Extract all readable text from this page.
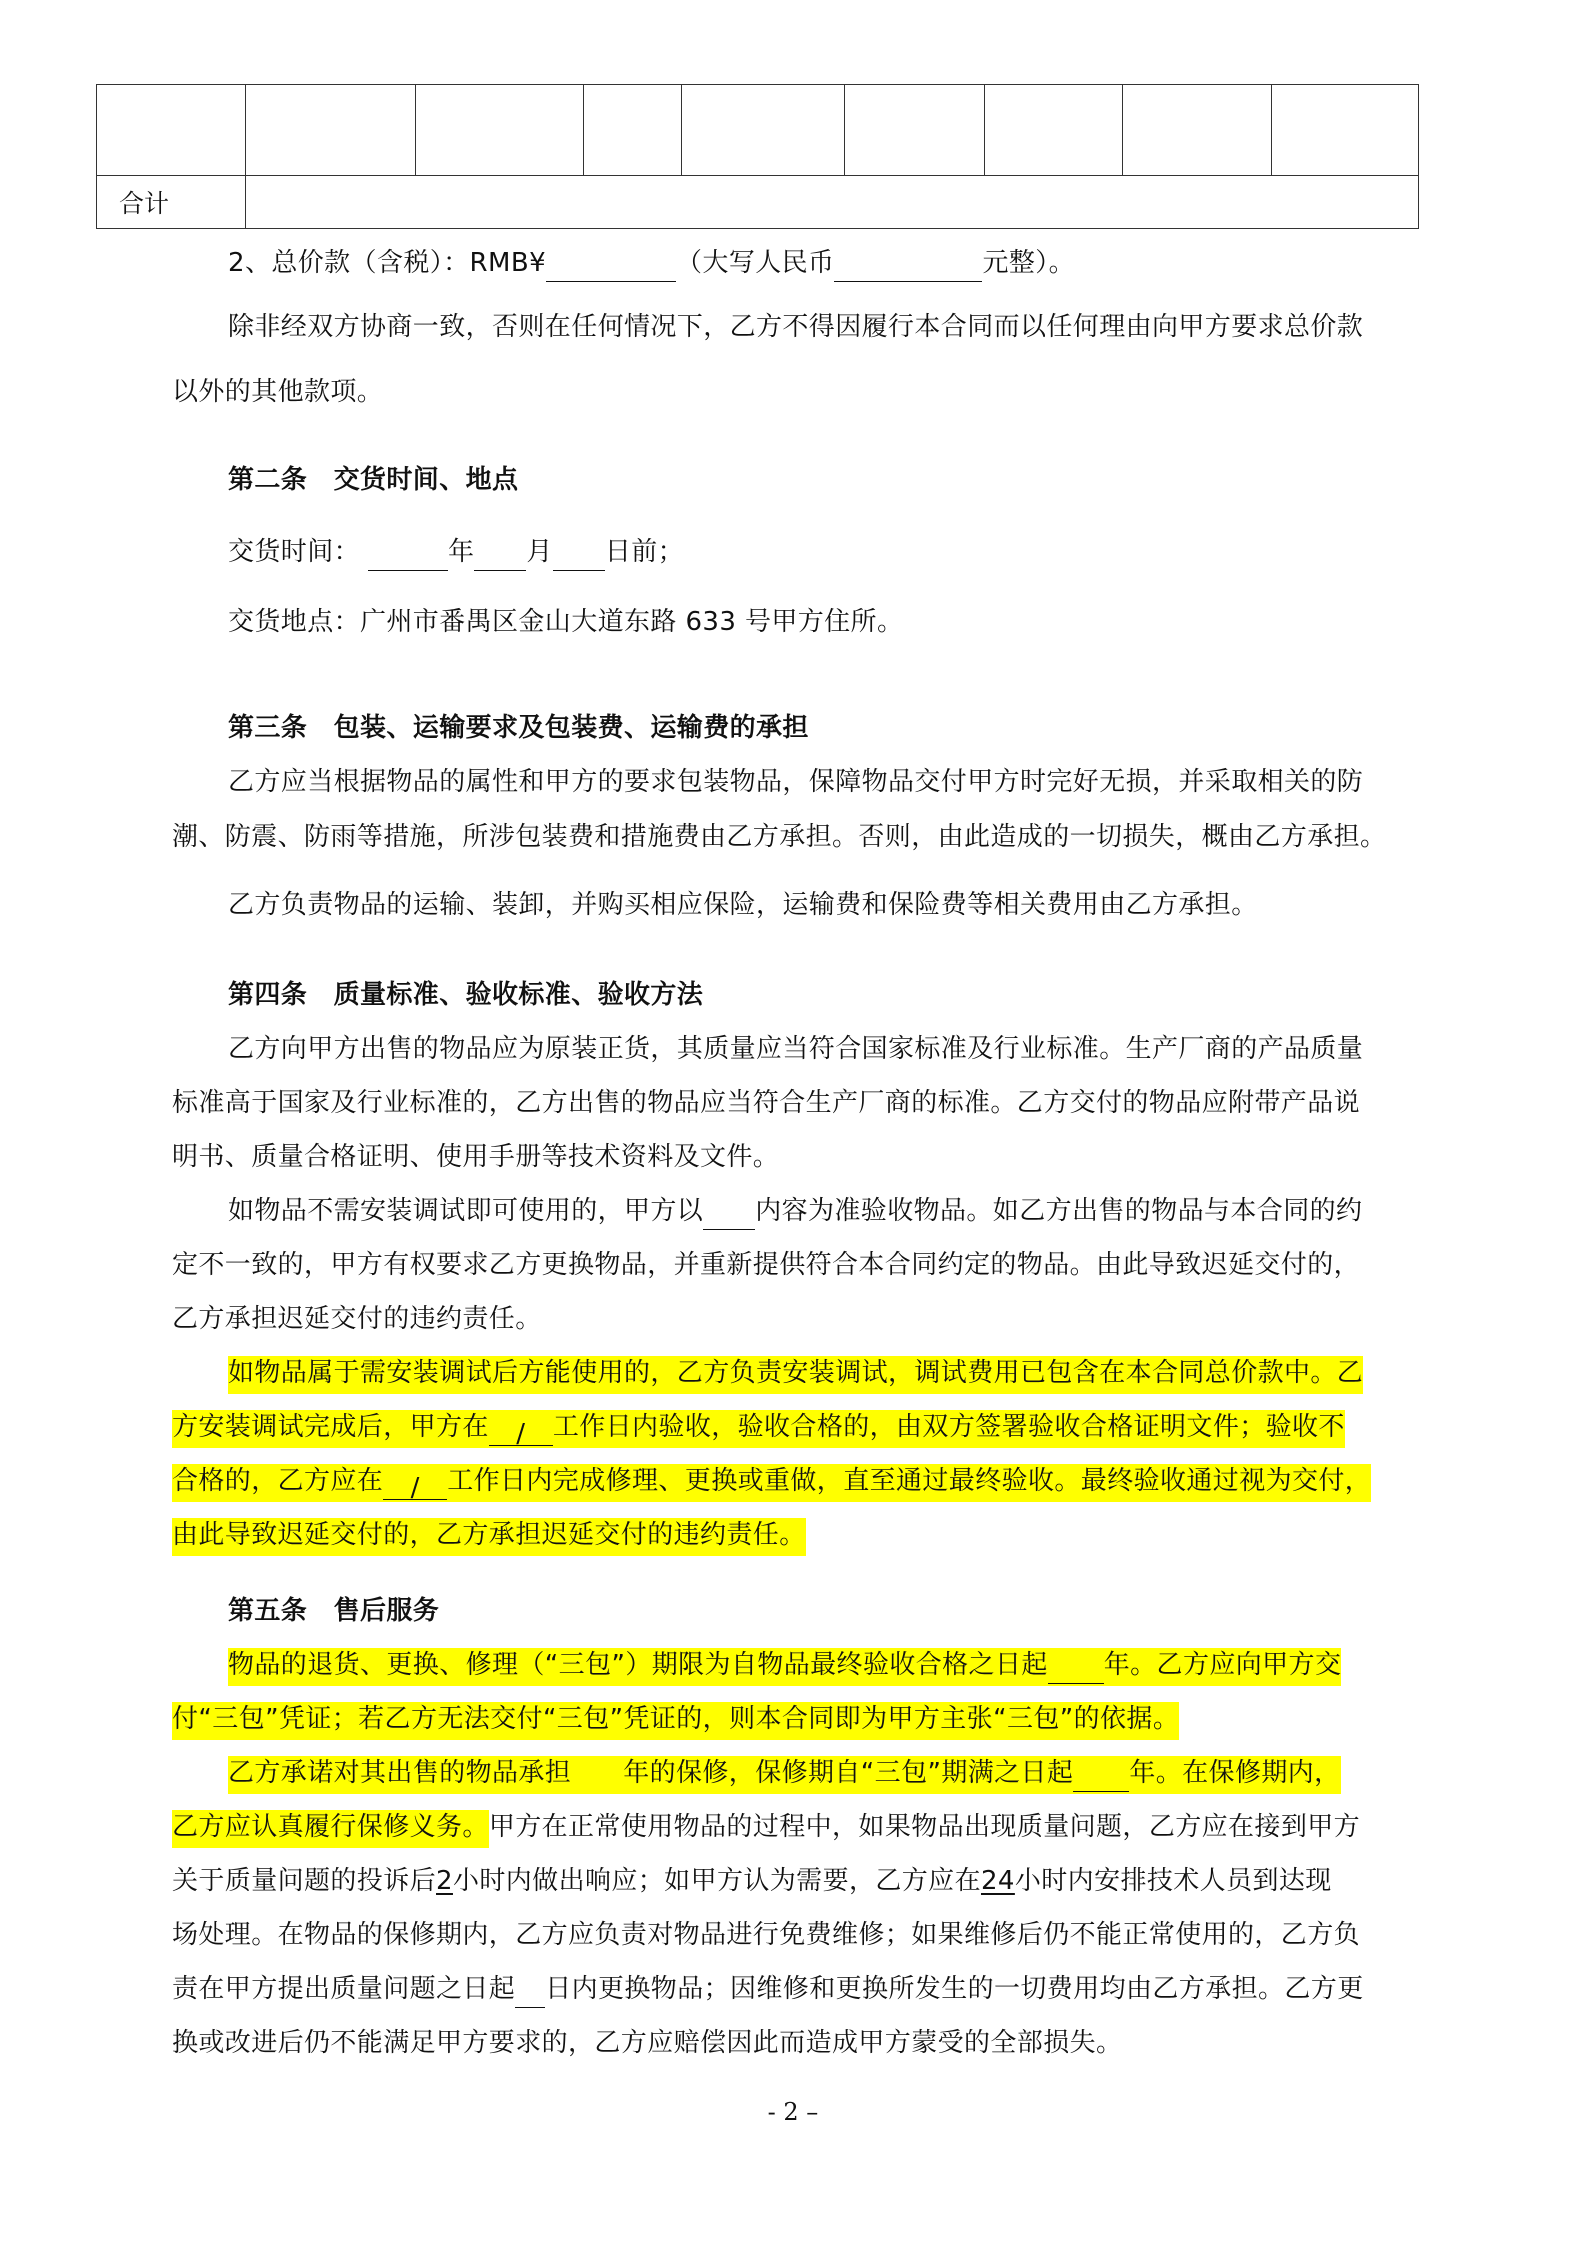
合计								
2、总价款（含税）：RMB¥	（大写人民币	元整）。
除非经双方协商一致，否则在任何情况下，乙方不得因履行本合同而以任何理由向甲方要求总价款
以外的其他款项。
第二条　交货时间、地点
交货时间：	年 月 日前；
交货地点：广州市番禺区金山大道东路 633 号甲方住所。
第三条　包装、运输要求及包装费、运输费的承担
乙方应当根据物品的属性和甲方的要求包装物品，保障物品交付甲方时完好无损，并采取相关的防
潮、防震、防雨等措施，所涉包装费和措施费由乙方承担。否则，由此造成的一切损失，概由乙方承担。
乙方负责物品的运输、装卸，并购买相应保险，运输费和保险费等相关费用由乙方承担。
第四条　质量标准、验收标准、验收方法
乙方向甲方出售的物品应为原装正货，其质量应当符合国家标准及行业标准。生产厂商的产品质量
标准高于国家及行业标准的，乙方出售的物品应当符合生产厂商的标准。乙方交付的物品应附带产品说
明书、质量合格证明、使用手册等技术资料及文件。
如物品不需安装调试即可使用的，甲方以 内容为准验收物品。如乙方出售的物品与本合同的约
定不一致的，甲方有权要求乙方更换物品，并重新提供符合本合同约定的物品。由此导致迟延交付的，
乙方承担迟延交付的违约责任。
如物品属于需安装调试后方能使用的，乙方负责安装调试，调试费用已包含在本合同总价款中。乙
方安装调试完成后，甲方在 / 工作日内验收，验收合格的，由双方签署验收合格证明文件；验收不
合格的，乙方应在 / 工作日内完成修理、更换或重做，直至通过最终验收。最终验收通过视为交付，
由此导致迟延交付的，乙方承担迟延交付的违约责任。
第五条　售后服务
物品的退货、更换、修理（“三包”）期限为自物品最终验收合格之日起 年。乙方应向甲方交
付“三包”凭证；若乙方无法交付“三包”凭证的，则本合同即为甲方主张“三包”的依据。
乙方承诺对其出售的物品承担 年的保修，保修期自“三包”期满之日起 年。在保修期内，
乙方应认真履行保修义务。甲方在正常使用物品的过程中，如果物品出现质量问题，乙方应在接到甲方
关于质量问题的投诉后2小时内做出响应；如甲方认为需要，乙方应在24小时内安排技术人员到达现
场处理。在物品的保修期内，乙方应负责对物品进行免费维修；如果维修后仍不能正常使用的，乙方负
责在甲方提出质量问题之日起 日内更换物品；因维修和更换所发生的一切费用均由乙方承担。乙方更
换或改进后仍不能满足甲方要求的，乙方应赔偿因此而造成甲方蒙受的全部损失。
- 2 –
